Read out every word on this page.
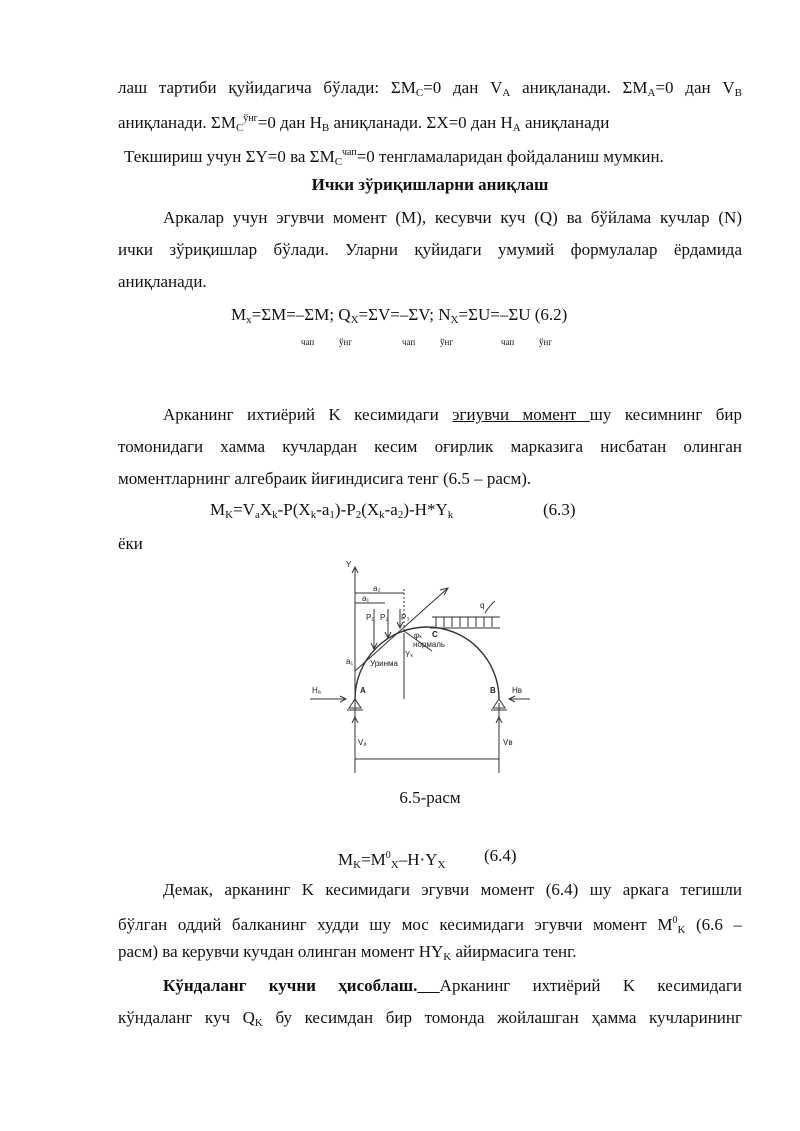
лаш тартиби қуйидагича бўлади: $\Sigma M_C=0$ дан $V_A$ аниқланади. $\Sigma M_A=0$ дан $V_B$
аниқланади. $\Sigma M_C^{ўнг}=0$ дан $H_B$ аниқланади. ΣX=0 дан $H_A$ аниқланади
Текшириш учун ΣY=0 ва $\Sigma M_C^{чап}=0$ тенгламаларидан фойдаланиш мумкин.
Ички зўриқишларни аниқлаш
Аркалар учун эгувчи момент (M), кесувчи куч (Q) ва бўйлама кучлар (N)
ички зўриқишлар бўлади. Уларни қуйидаги умумий формулалар ёрдамида
аниқланади.
$M_x=\Sigma M=-\Sigma M$; $Q_X=\Sigma V=-\Sigma V$; $N_X=\Sigma U=-\Sigma U$ (6.2)
чап	ўнг	чап	ўнг	чап	ўнг
Арканинг ихтиёрий K кесимидаги эгиувчи момент шу кесимнинг бир
томонидаги хамма кучлардан кесим оғирлик марказига нисбатан олинган
моментларнинг алгебраик йиғиндисига тенг (6.5 – расм).
$M_K=V_aX_k-P(X_k-a_1)-P_2(X_k-a_2)-H*Y_k$	(6.3)
ёки
Y
a₂
a₁
P₁ P₂ P₃
q
φₖ C
нормаль
Yₖ
a₁ Уринма
Hₐ	A	B Hв
Vₐ	Vв
6.5-расм
$M_K=M^0_X-H\cdot Y_X$	(6.4)
Демак, арканинг K кесимидаги эгувчи момент (6.4) шу аркага тегишли
бўлган оддий балканинг худди шу мос кесимидаги эгувчи момент $M^0_K$ (6.6 –
расм) ва керувчи кучдан олинган момент $HY_K$ айирмасига тенг.
Кўндаланг кучни ҳисоблаш. Арканинг ихтиёрий K кесимидаги
кўндаланг куч $Q_K$ бу кесимдан бир томонда жойлашган ҳамма кучларининг
